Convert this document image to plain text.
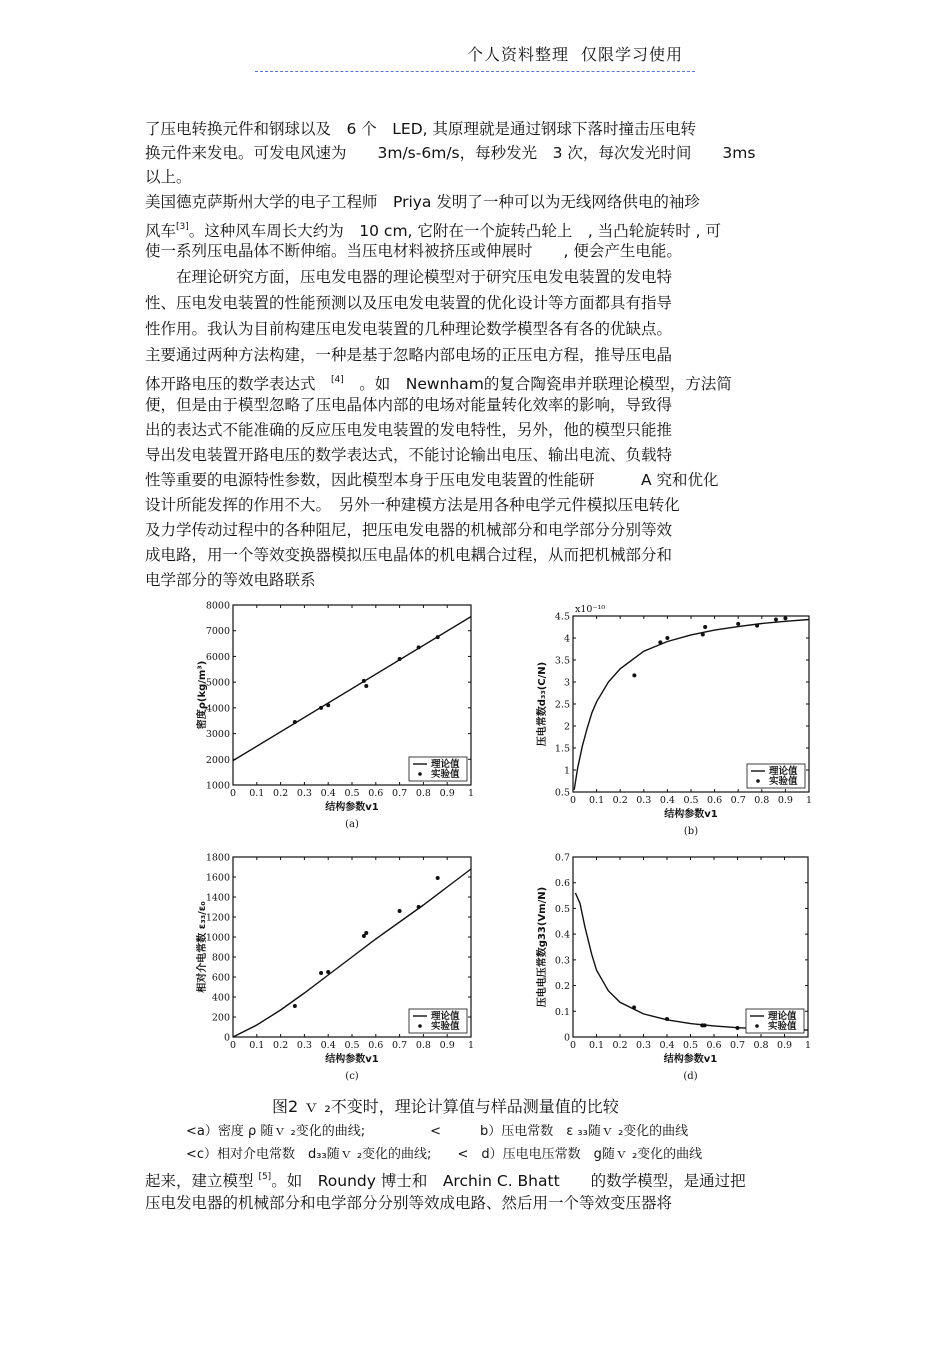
个人资料整理 仅限学习使用
了压电转换元件和钢球以及　6 个　LED, 其原理就是通过钢球下落时撞击压电转
换元件来发电。可发电风速为　　3m/s-6m/s，每秒发光　3 次，每次发光时间　　3ms
以上。
美国德克萨斯州大学的电子工程师　Priya 发明了一种可以为无线网络供电的袖珍
风车[3]。这种风车周长大约为　10 cm, 它附在一个旋转凸轮上　, 当凸轮旋转时 , 可
使一系列压电晶体不断伸缩。当压电材料被挤压或伸展时　　, 便会产生电能。
　　在理论研究方面，压电发电器的理论模型对于研究压电发电装置的发电特
性、压电发电装置的性能预测以及压电发电装置的优化设计等方面都具有指导
性作用。我认为目前构建压电发电装置的几种理论数学模型各有各的优缺点。
主要通过两种方法构建，一种是基于忽略内部电场的正压电方程，推导压电晶
体开路电压的数学表达式　[4]　。如　Newnham的复合陶瓷串并联理论模型，方法简
便，但是由于模型忽略了压电晶体内部的电场对能量转化效率的影响，导致得
出的表达式不能准确的反应压电发电装置的发电特性，另外，他的模型只能推
导出发电装置开路电压的数学表达式，不能讨论输出电压、输出电流、负载特
性等重要的电源特性参数，因此模型本身于压电发电装置的性能研　　　A 究和优化
设计所能发挥的作用不大。　另外一种建模方法是用各种电学元件模拟压电转化
及力学传动过程中的各种阻尼，把压电发电器的机械部分和电学部分分别等效
成电路，用一个等效变换器模拟压电晶体的机电耦合过程，从而把机械部分和
电学部分的等效电路联系
起来，建立模型 [5]。如　Roundy 博士和　Archin C. Bhatt　　的数学模型，是通过把
压电发电器的机械部分和电学部分分别等效成电路、然后用一个等效变压器将
0 0.1 0.2 0.3 0.4 0.5 0.6 0.7 0.8 0.9 1
1000
2000
3000
4000
5000
6000
7000
8000
结构参数v1
密度ρ(kg/m³)
(a)
理论值
实验值
0 0.1 0.2 0.3 0.4 0.5 0.6 0.7 0.8 0.9 1
0.5
1
1.5
2
2.5
3
3.5
4
4.5
x10⁻¹⁰
结构参数v1
压电常数d₃₃(C/N)
(b)
理论值
实验值
0 0.1 0.2 0.3 0.4 0.5 0.6 0.7 0.8 0.9 1
0
200
400
600
800
1000
1200
1400
1600
1800
结构参数v1
相对介电常数 ε₃₃/ε₀
(c)
理论值
实验值
0 0.1 0.2 0.3 0.4 0.5 0.6 0.7 0.8 0.9 1
0
0.1
0.2
0.3
0.4
0.5
0.6
0.7
结构参数v1
压电电压常数g33(Vm/N)
(d)
理论值
实验值
图2 ｖ ₂不变时，理论计算值与样品测量值的比较
<a）密度 ρ 随ｖ ₂变化的曲线;　　　　　<　　　b）压电常数　ε ₃₃随ｖ ₂变化的曲线
<c）相对介电常数　d₃₃随ｖ ₂变化的曲线;　　<　d）压电电压常数　g随ｖ ₂变化的曲线
